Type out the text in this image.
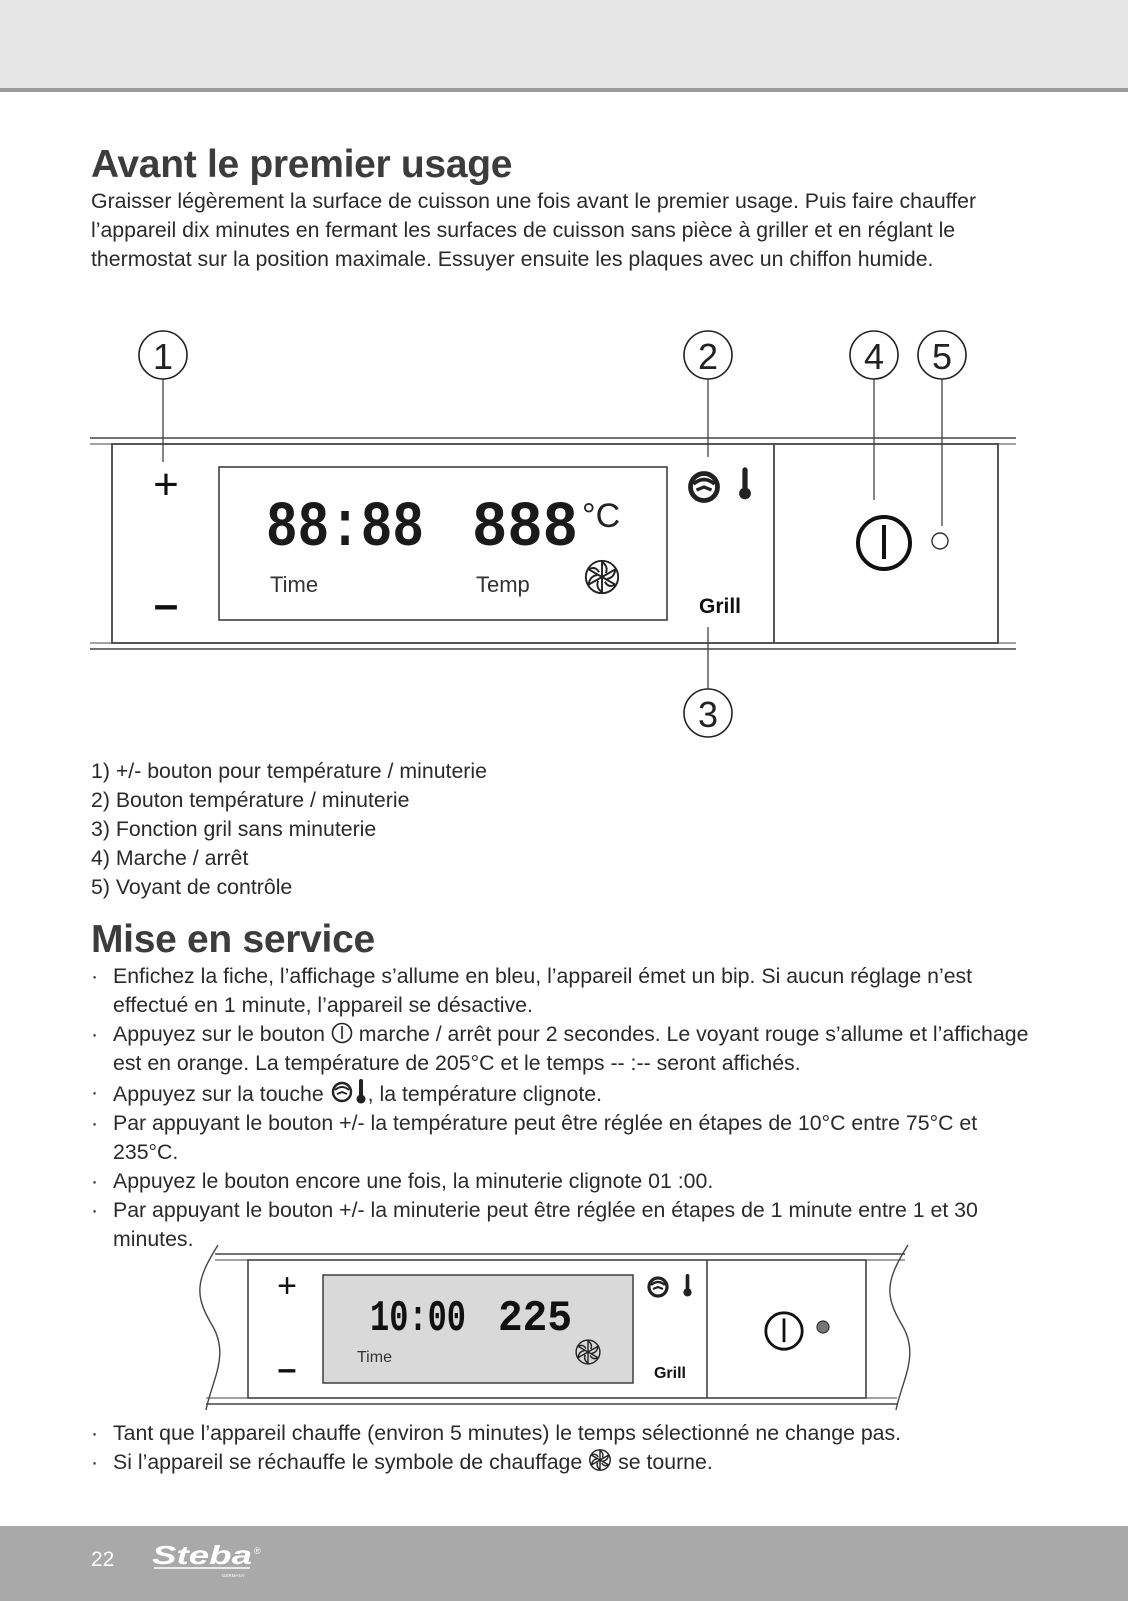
Avant le premier usage

Graisser légèrement la surface de cuisson une fois avant le premier usage. Puis faire chauffer l’appareil dix minutes en fermant les surfaces de cuisson sans pièce à griller et en réglant le thermostat sur la position maximale. Essuyer ensuite les plaques avec un chiffon humide.

1	2
3
4 5
+
–
88:88 888 °C
Time	Temp
Grill
1) +/- bouton pour température / minuterie
2) Bouton température / minuterie
3) Fonction gril sans minuterie
4) Marche / arrêt
5) Voyant de contrôle
Mise en service
· Enfichez la fiche, l’affichage s’allume en bleu, l’appareil émet un bip. Si aucun réglage n’est effectué en 1 minute, l’appareil se désactive.
· Appuyez sur le bouton marche / arrêt pour 2 secondes. Le voyant rouge s’allume et l’affichage est en orange. La température de 205°C et le temps -- :-- seront affichés.
· Appuyez sur la touche , la température clignote.
· Par appuyant le bouton +/- la température peut être réglée en étapes de 10°C entre 75°C et 235°C.
· Appuyez le bouton encore une fois, la minuterie clignote 01 :00.
· Par appuyant le bouton +/- la minuterie peut être réglée en étapes de 1 minute entre 1 et 30 minutes.
+
–
10:00 225
Time
Grill
· Tant que l’appareil chauffe (environ 5 minutes) le temps sélectionné ne change pas.
· Si l’appareil se réchauffe le symbole de chauffage se tourne.
22 Steba ®
GERMANY
